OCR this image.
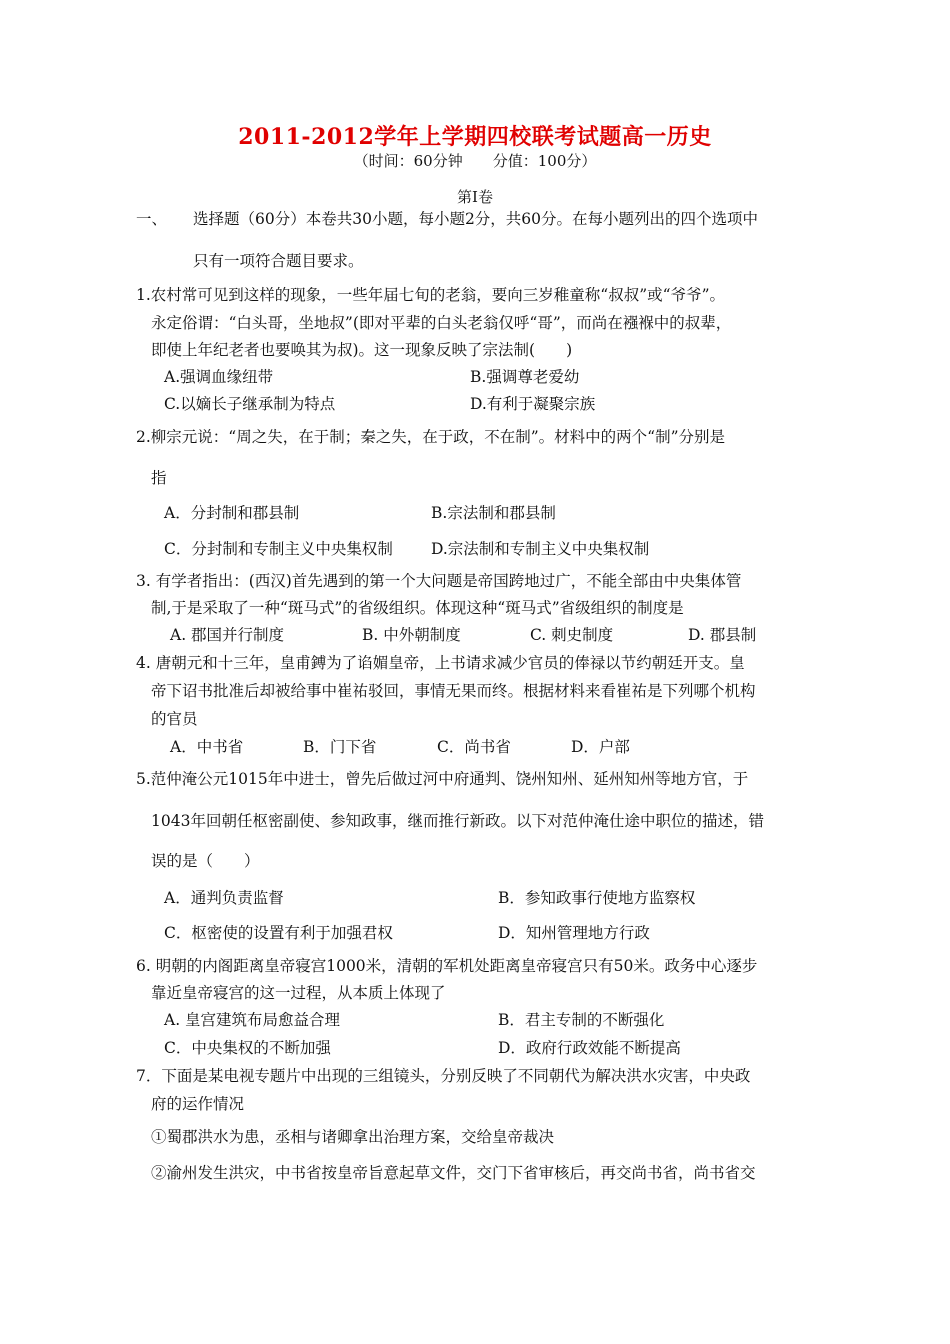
2011-2012学年上学期四校联考试题高一历史
（时间：60分钟　　分值：100分）
第Ⅰ卷
一、 选择题（60分）本卷共30小题，每小题2分，共60分。在每小题列出的四个选项中
只有一项符合题目要求。
1.农村常可见到这样的现象，一些年届七旬的老翁，要向三岁稚童称“叔叔”或“爷爷”。
永定俗谓：“白头哥，坐地叔”(即对平辈的白头老翁仅呼“哥”，而尚在襁褓中的叔辈，
即使上年纪老者也要唤其为叔)。这一现象反映了宗法制(　　)
A.强调血缘纽带	B.强调尊老爱幼
C.以嫡长子继承制为特点	D.有利于凝聚宗族
2.柳宗元说：“周之失，在于制；秦之失，在于政，不在制”。材料中的两个“制”分别是
指
A．分封制和郡县制	B.宗法制和郡县制
C．分封制和专制主义中央集权制 D.宗法制和专制主义中央集权制
3. 有学者指出：(西汉)首先遇到的第一个大问题是帝国跨地过广，不能全部由中央集体管
制,于是采取了一种“斑马式”的省级组织。体现这种“斑马式”省级组织的制度是
A. 郡国并行制度	B. 中外朝制度	C. 刺史制度	D. 郡县制
4. 唐朝元和十三年，皇甫鎛为了谄媚皇帝，上书请求减少官员的俸禄以节约朝廷开支。皇
帝下诏书批准后却被给事中崔祐驳回，事情无果而终。根据材料来看崔祐是下列哪个机构
的官员
A．中书省	B．门下省	C．尚书省	D．户部
5.范仲淹公元1015年中进士，曾先后做过河中府通判、饶州知州、延州知州等地方官，于
1043年回朝任枢密副使、参知政事，继而推行新政。以下对范仲淹仕途中职位的描述，错
误的是（　　）
A．通判负责监督	B．参知政事行使地方监察权
C．枢密使的设置有利于加强君权	D．知州管理地方行政
6. 明朝的内阁距离皇帝寝宫1000米，清朝的军机处距离皇帝寝宫只有50米。政务中心逐步
靠近皇帝寝宫的这一过程，从本质上体现了
A. 皇宫建筑布局愈益合理	B．君主专制的不断强化
C．中央集权的不断加强	D．政府行政效能不断提高
7．下面是某电视专题片中出现的三组镜头，分别反映了不同朝代为解决洪水灾害，中央政
府的运作情况
①蜀郡洪水为患，丞相与诸卿拿出治理方案，交给皇帝裁决
②渝州发生洪灾，中书省按皇帝旨意起草文件，交门下省审核后，再交尚书省，尚书省交
